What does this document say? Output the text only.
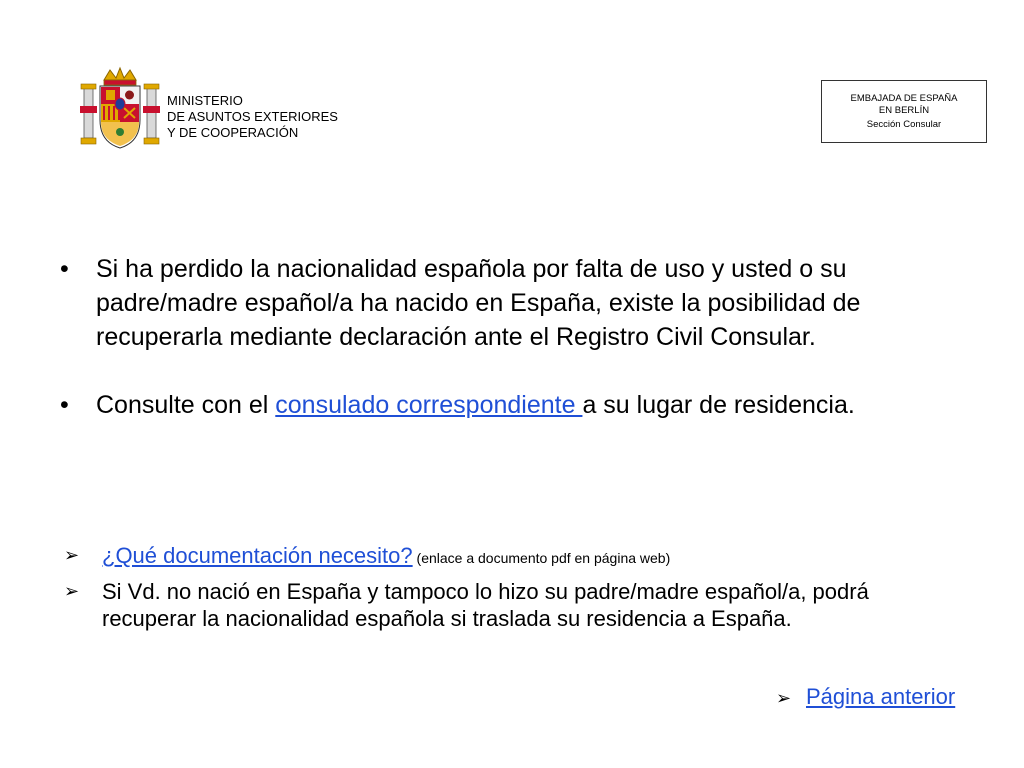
MINISTERIO
DE ASUNTOS EXTERIORES
Y DE COOPERACIÓN
EMBAJADA DE ESPAÑA
EN BERLÍN
Sección Consular
• Si ha perdido la nacionalidad española por falta de uso y usted o su padre/madre español/a ha nacido en España, existe la posibilidad de recuperarla mediante declaración ante el Registro Civil Consular.
• Consulte con el consulado correspondiente a su lugar de residencia.
➢ ¿Qué documentación necesito? (enlace a documento pdf en página web)
➢ Si Vd. no nació en España y tampoco lo hizo su padre/madre español/a, podrá recuperar la nacionalidad española si traslada su residencia a España.
➢ Página anterior
